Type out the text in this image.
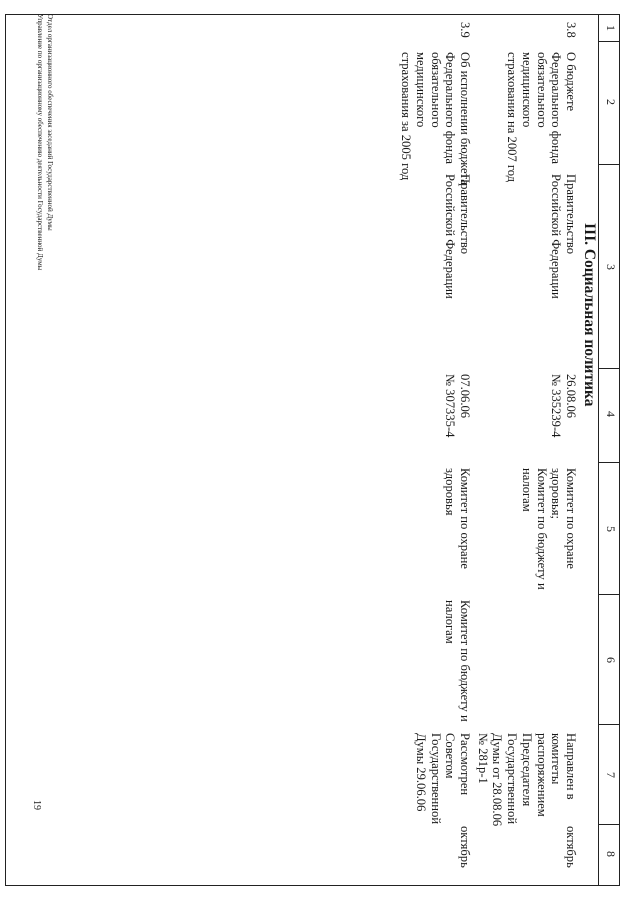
1
2
3
4
5
6
7
8
III. Социальная политика
3.8
О бюджете
Федерального фонда
обязательного
медицинского
страхования на 2007 год
Правительство
Российской Федерации
26.08.06
№ 335239-4
Комитет по охране
здоровья;
Комитет по бюджету и
налогам
Направлен в
комитеты
распоряжением
Председателя
Государственной
Думы от 28.08.06
№ 281р-1
октябрь
3.9
Об исполнении бюджета
Федерального фонда
обязательного
медицинского
страхования за 2005 год
Правительство
Российской Федерации
07.06.06
№ 307335-4
Комитет по охране
здоровья
Комитет по бюджету и
налогам
Рассмотрен
Советом
Государственной
Думы 29.06.06
октябрь
Отдел организационного обеспечения заседаний Государственной Думы
Управление по организационному обеспечению деятельности Государственной Думы
19
